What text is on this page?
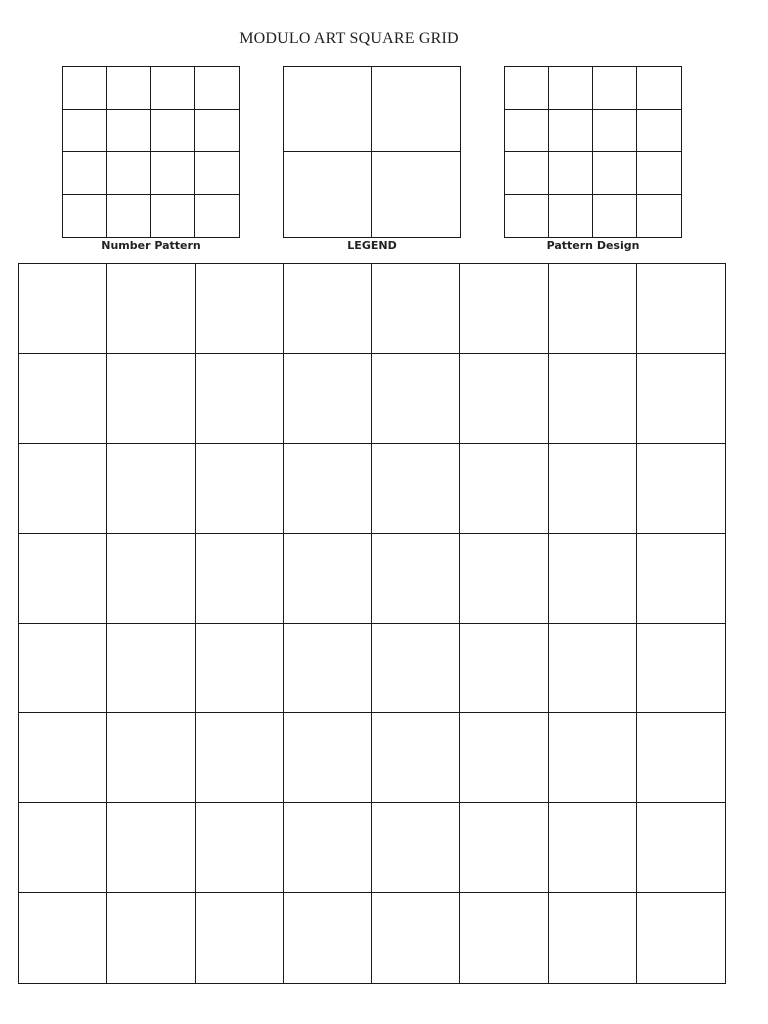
MODULO ART SQUARE GRID
Number Pattern	LEGEND	Pattern Design
